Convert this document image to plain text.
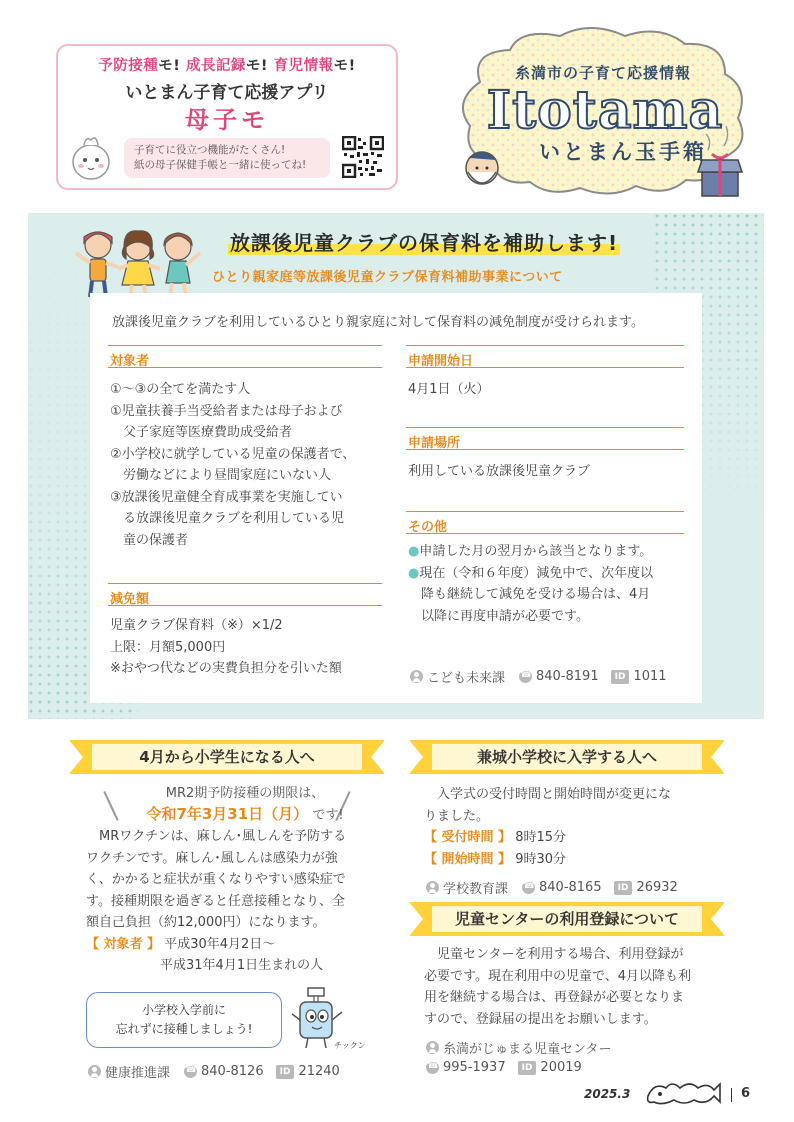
予防接種モ! 成長記録モ! 育児情報モ!
いとまん子育て応援アプリ
母子モ
子育てに役立つ機能がたくさん!
紙の母子保健手帳と一緒に使ってね!
糸満市の子育て応援情報
Itotama
いとまん玉手箱
放課後児童クラブの保育料を補助します!
ひとり親家庭等放課後児童クラブ保育料補助事業について
放課後児童クラブを利用しているひとり親家庭に対して保育料の減免制度が受けられます。
対象者

①〜③の全てを満たす人

①児童扶養手当受給者または母子および

　父子家庭等医療費助成受給者

②小学校に就学している児童の保護者で、

　労働などにより昼間家庭にいない人

③放課後児童健全育成事業を実施してい

　る放課後児童クラブを利用している児

　童の保護者

減免額

児童クラブ保育料（※）×1/2

上限：月額5,000円

※おやつ代などの実費負担分を引いた額

申請開始日
4月1日（火）
申請場所
利用している放課後児童クラブ
その他

●申請した月の翌月から該当となります。

●現在（令和６年度）減免中で、次年度以

降も継続して減免を受ける場合は、4月

以降に再度申請が必要です。

こども未来課 ☎ 840-8191	ID 1011
4月から小学生になる人へ
MR2期予防接種の期限は、
令和7年3月31日（月） です!

　MRワクチンは、麻しん･風しんを予防する

ワクチンです。麻しん･風しんは感染力が強

く、かかると症状が重くなりやすい感染症で

す。接種期限を過ぎると任意接種となり、全

額自己負担（約12,000円）になります。

【 対象者 】 平成30年4月2日〜

平成31年4月1日生まれの人

小学校入学前に
忘れずに接種しましょう!
チックン
健康推進課 ☎ 840-8126	ID 21240
兼城小学校に入学する人へ

　入学式の受付時間と開始時間が変更にな

りました。

【 受付時間 】 8時15分

【 開始時間 】 9時30分

学校教育課 ☎ 840-8165	ID 26932
児童センターの利用登録について

　児童センターを利用する場合、利用登録が

必要です。現在利用中の児童で、4月以降も利

用を継続する場合は、再登録が必要となりま

すので、登録届の提出をお願いします。

糸満がじゅまる児童センター
☎
995-1937	ID 20019
2025.3	6
